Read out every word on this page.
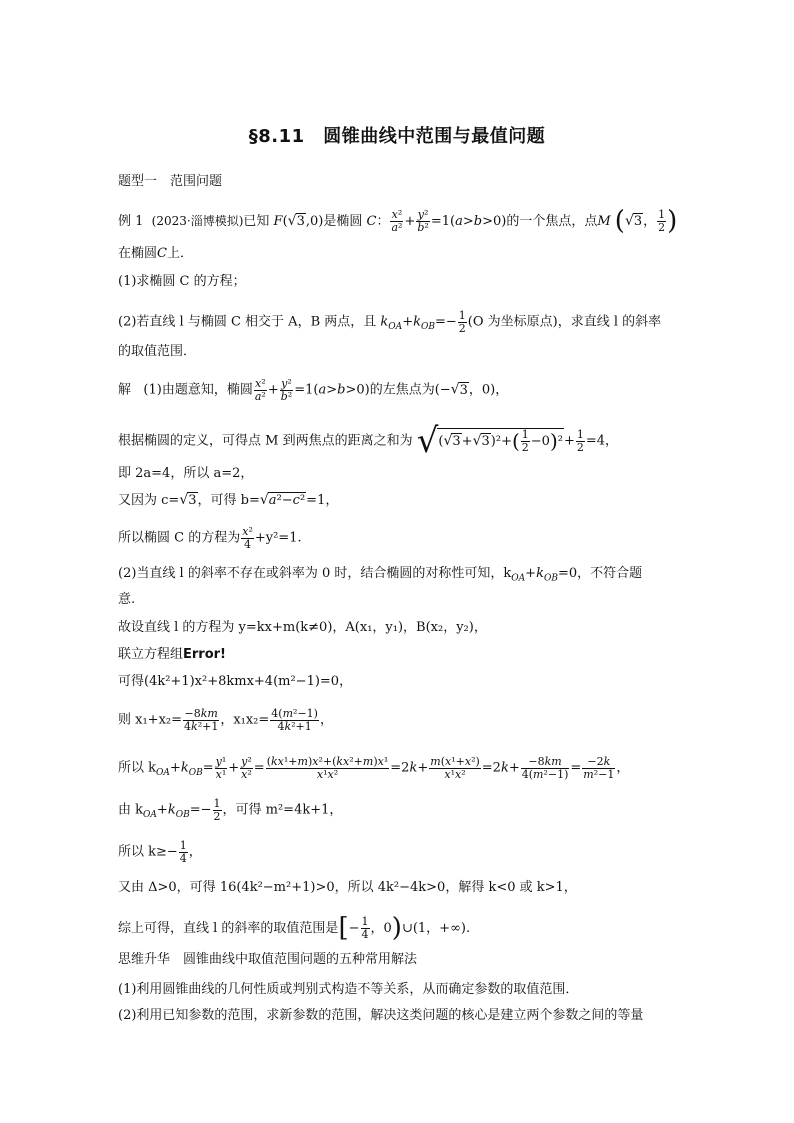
§8.11　圆锥曲线中范围与最值问题
题型一　范围问题
例 1 (2023·淄博模拟)已知 F(√3,0)是椭圆 C： $\frac{\text{x²}}{\text{a²}} + \frac{\text{y²}}{\text{b²}} =1(a>b>0)$的一个焦点，点M (√3， $\frac{1}{2}$ )
在椭圆C上．
(1)求椭圆 C 的方程；
(2)若直线 l 与椭圆 C 相交于 A，B 两点，且 $k_{OA}+k_{OB}=- \frac{1}{2} (O$ 为坐标原点)，求直线 l 的斜率
的取值范围．
解 (1)由题意知，椭圆 $\frac{\text{x²}}{\text{a²}} + \frac{\text{y²}}{\text{b²}} =1(a>b>0)$的左焦点为(−√3，0)，
根据椭圆的定义，可得点 M 到两焦点的距离之和为 $√(√3+√3)^2+( \frac{1}{2} -0)^2+ \frac{1}{2} =4$，
即 2a=4，所以 a=2，
又因为 c=√3，可得 b=√a²−c²=1，
所以椭圆 C 的方程为 $\frac{\text{x²}}{4} +y^2=1$.
(2)当直线 l 的斜率不存在或斜率为 0 时，结合椭圆的对称性可知，$k_{OA}+k_{OB}=0$，不符合题
意.
故设直线 l 的方程为 y=kx+m(k≠0)，A(x₁，y₁)，B(x₂，y₂)，
联立方程组Error!
可得(4k²+1)x²+8kmx+4(m²−1)=0，
则 $x_1+x_2= \frac{-8km}{\text{4k²+1}}$ ，$x_1x_2= \frac{\text{4(m²−1)}}{\text{4k²+1}}$ ，
所以 $k_{OA}+k_{OB}= \frac{\text{y¹}}{\text{x¹}} + \frac{\text{y²}}{\text{x²}} = \frac{\text{(kx¹+m)x²+(kx²+m)x¹}}{\text{x¹x²}} =2k+ \frac{\text{m(x¹+x²)}}{\text{x¹x²}} =2k+ \frac{-8km}{\text{4(m²−1)}} = \frac{-2k}{\text{m²−1}}$ ，
由 $k_{OA}+k_{OB}=- \frac{1}{2}$ ，可得 m²=4k+1，
所以 $k\ge- \frac{1}{4}$ ，
又由 Δ>0，可得 16(4k²−m²+1)>0，所以 4k²−4k>0，解得 k<0 或 k>1，
综上可得，直线 l 的斜率的取值范围是[− $\frac{1}{4}$ ，0)∪(1，+∞).
思维升华　圆锥曲线中取值范围问题的五种常用解法
(1)利用圆锥曲线的几何性质或判别式构造不等关系，从而确定参数的取值范围．
(2)利用已知参数的范围，求新参数的范围，解决这类问题的核心是建立两个参数之间的等量
